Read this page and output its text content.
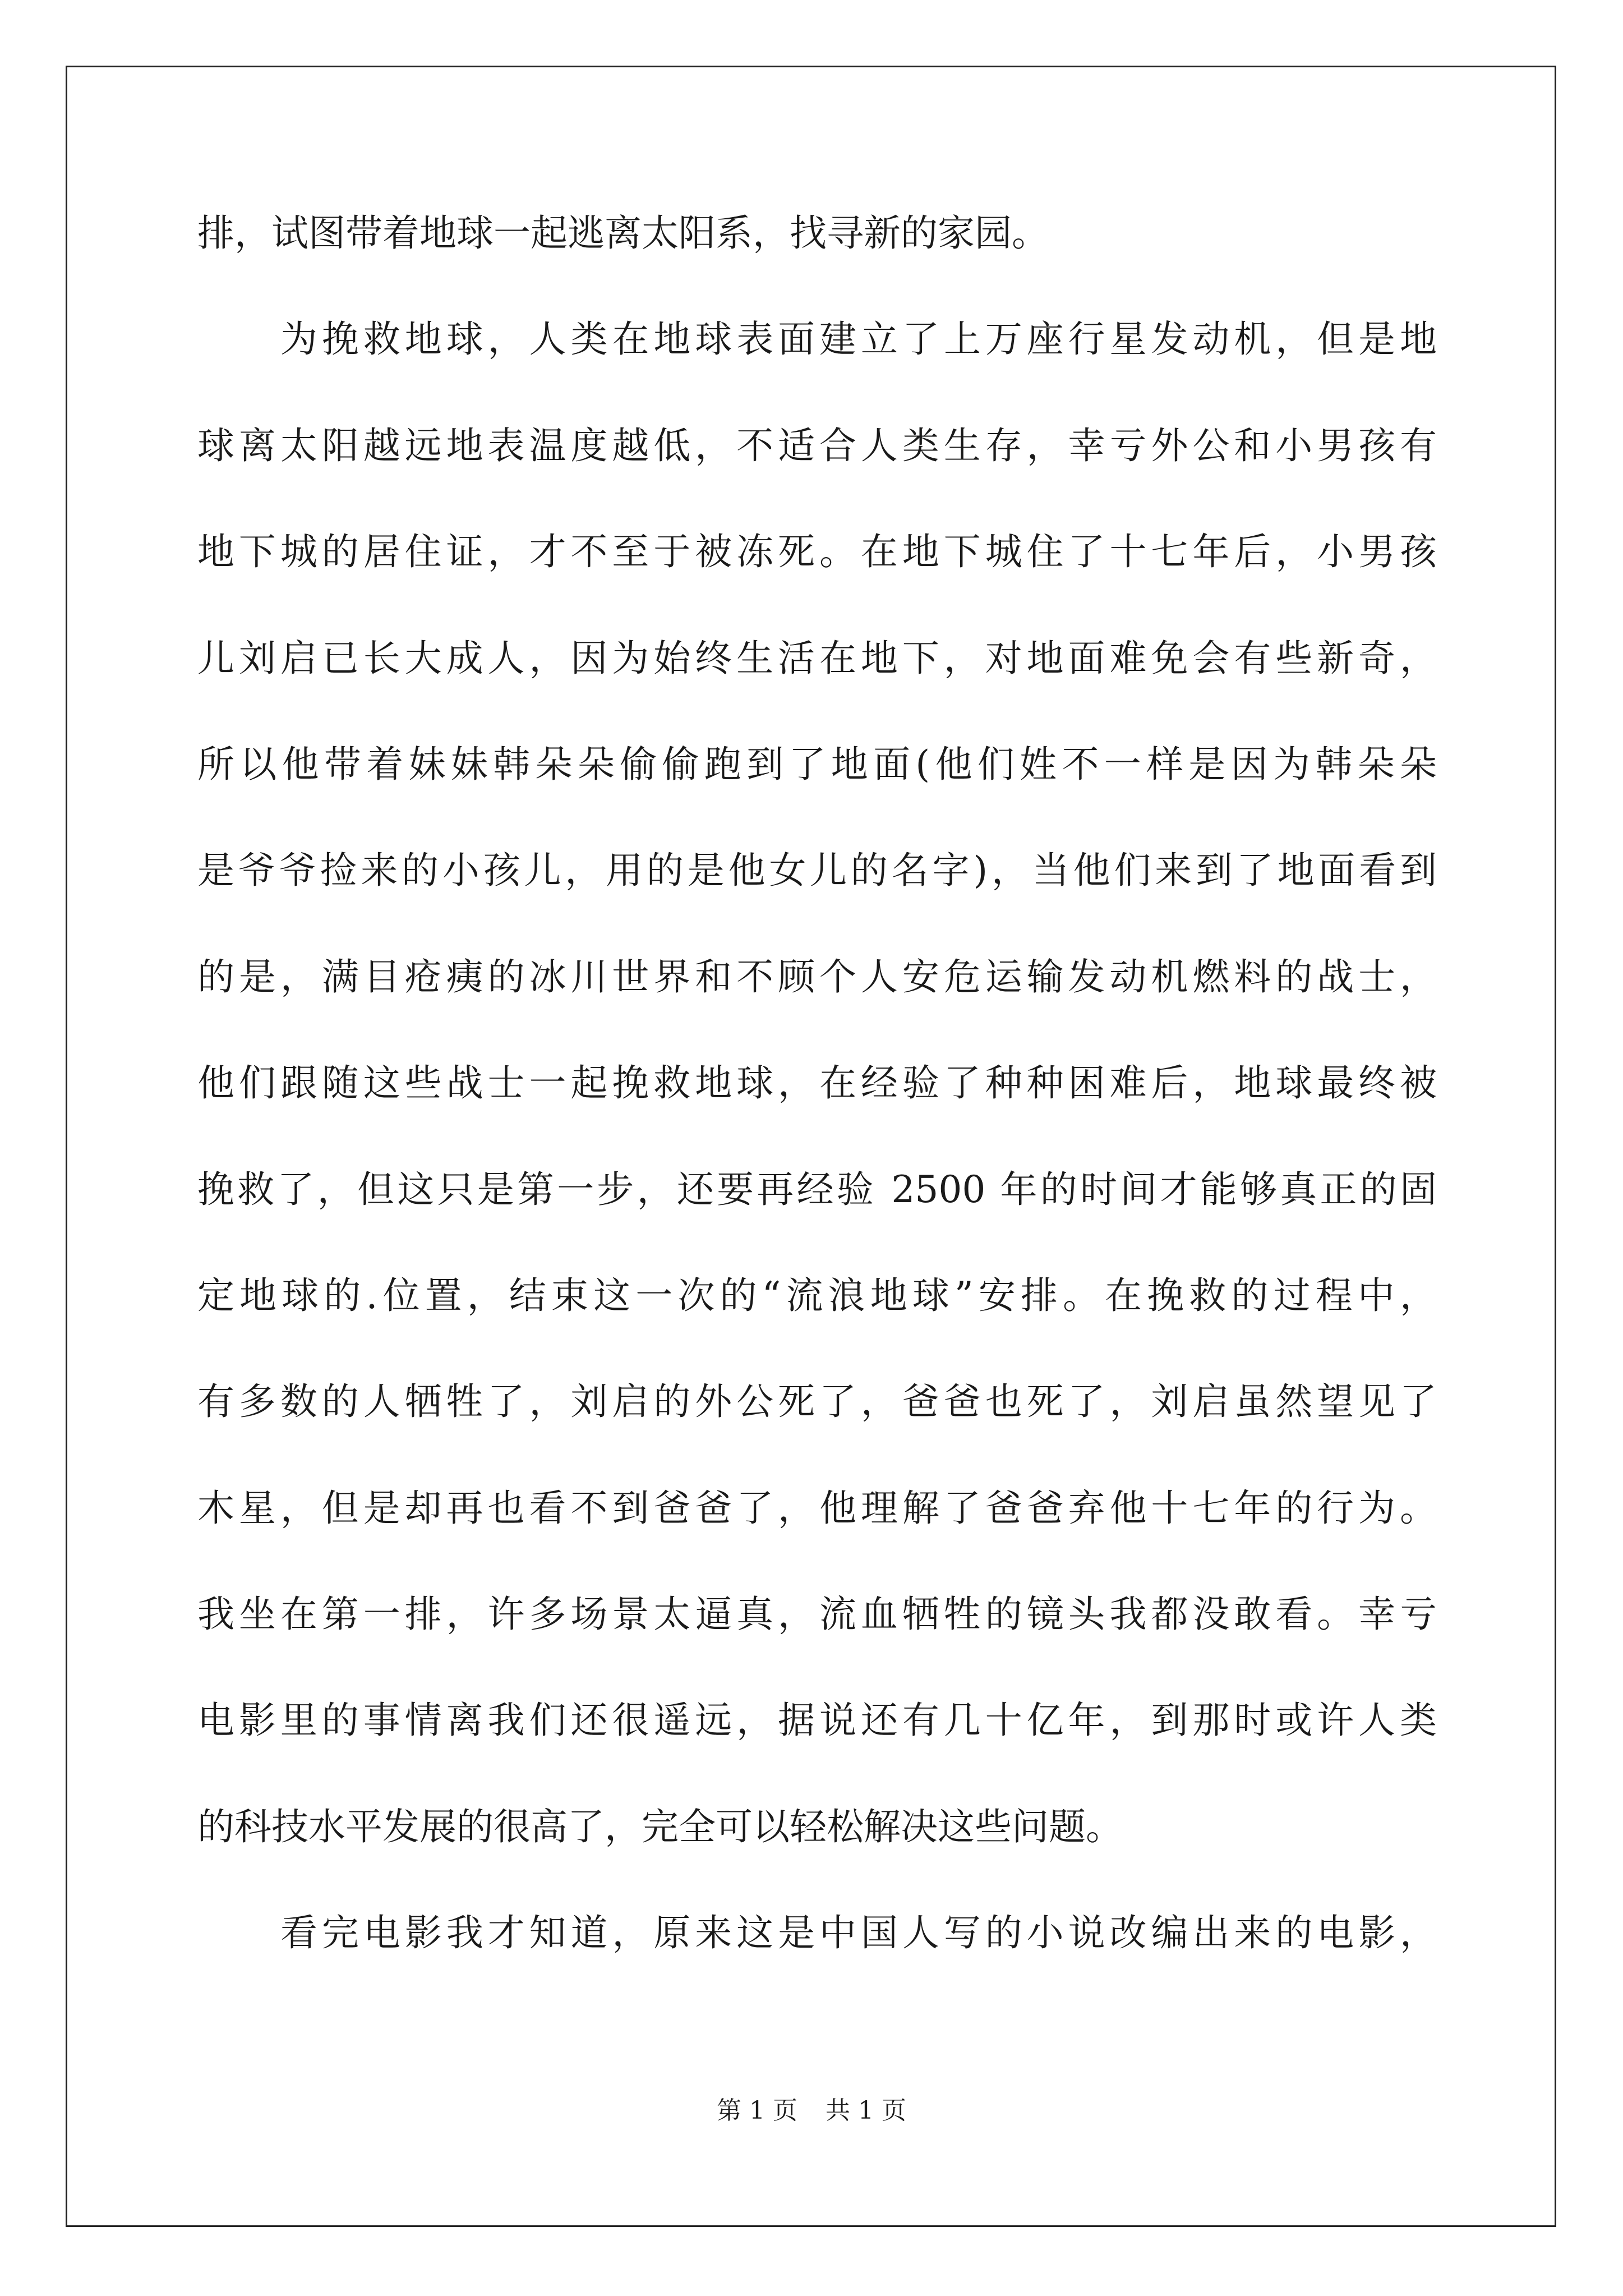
排，试图带着地球一起逃离太阳系，找寻新的家园。
为挽救地球，人类在地球表面建立了上万座行星发动机，但是地
球离太阳越远地表温度越低，不适合人类生存，幸亏外公和小男孩有
地下城的居住证，才不至于被冻死。在地下城住了十七年后，小男孩
儿刘启已长大成人，因为始终生活在地下，对地面难免会有些新奇，
所以他带着妹妹韩朵朵偷偷跑到了地面(他们姓不一样是因为韩朵朵
是爷爷捡来的小孩儿，用的是他女儿的名字)，当他们来到了地面看到
的是，满目疮痍的冰川世界和不顾个人安危运输发动机燃料的战士，
他们跟随这些战士一起挽救地球，在经验了种种困难后，地球最终被
挽救了，但这只是第一步，还要再经验 2500 年的时间才能够真正的固
定地球的.位置，结束这一次的“流浪地球”安排。在挽救的过程中，
有多数的人牺牲了，刘启的外公死了，爸爸也死了，刘启虽然望见了
木星，但是却再也看不到爸爸了，他理解了爸爸弃他十七年的行为。
我坐在第一排，许多场景太逼真，流血牺牲的镜头我都没敢看。幸亏
电影里的事情离我们还很遥远，据说还有几十亿年，到那时或许人类
的科技水平发展的很高了，完全可以轻松解决这些问题。
看完电影我才知道，原来这是中国人写的小说改编出来的电影，
第 1 页 共 1 页
